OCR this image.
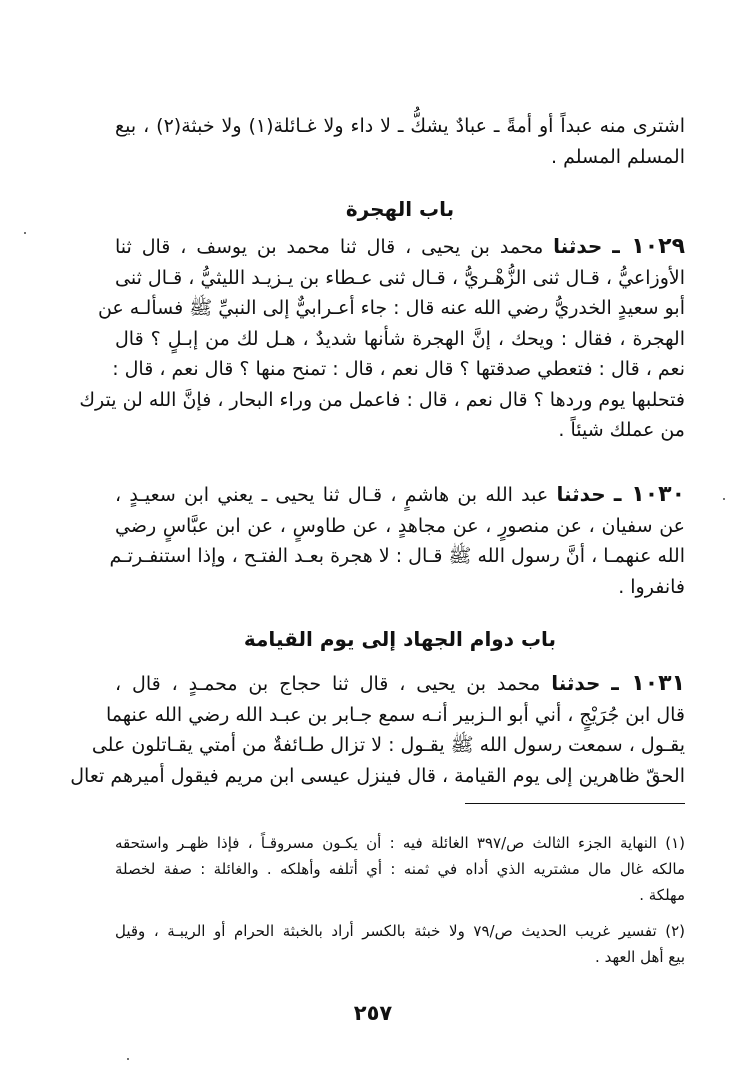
اشترى منه عبداً أو أمةً ـ عبادٌ يشكُّ ـ لا داء ولا غـائلة(١) ولا خبثة(٢) ، بيع
المسلم المسلم .
باب الهجرة
١٠٢٩ ـ حدثنا محمد بن يحيى ، قال ثنا محمد بن يوسف ، قال ثنا
الأوزاعيُّ ، قـال ثنى الزُّهْـريُّ ، قـال ثنى عـطاء بن يـزيـد الليثيُّ ، قـال ثنى
أبو سعيدٍ الخدريُّ رضي الله عنه قال : جاء أعـرابيٌّ إلى النبيِّ ﷺ فسألـه عن
الهجرة ، فقال : ويحك ، إنَّ الهجرة شأنها شديدٌ ، هـل لك من إبـلٍ ؟ قال
نعم ، قال : فتعطي صدقتها ؟ قال نعم ، قال : تمنح منها ؟ قال نعم ، قال :
فتحلبها يوم وردها ؟ قال نعم ، قال : فاعمل من وراء البحار ، فإنَّ الله لن يترك
من عملك شيئاً .
١٠٣٠ ـ حدثنا عبد الله بن هاشمٍ ، قـال ثنا يحيى ـ يعني ابن سعيـدٍ ،
عن سفيان ، عن منصورٍ ، عن مجاهدٍ ، عن طاوسٍ ، عن ابن عبَّاسٍ رضي
الله عنهمـا ، أنَّ رسول الله ﷺ قـال : لا هجرة بعـد الفتـح ، وإذا استنفـرتـم
فانفروا .
باب دوام الجهاد إلى يوم القيامة
١٠٣١ ـ حدثنا محمد بن يحيى ، قال ثنا حجاج بن محمـدٍ ، قال ،
قال ابن جُرَيْجٍ ، أني أبو الـزبير أنـه سمع جـابر بن عبـد الله رضي الله عنهما
يقـول ، سمعت رسول الله ﷺ يقـول : لا تزال طـائفةٌ من أمتي يقـاتلون على
الحقّ ظاهرين إلى يوم القيامة ، قال فينزل عيسى ابن مريم فيقول أميرهم تعال
(١) النهاية الجزء الثالث ص/٣٩٧ الغائلة فيه : أن يكـون مسروقـاً ، فإذا ظهـر واستحقه
مالكه غال مال مشتريه الذي أداه في ثمنه : أي أتلفه وأهلكه . والغائلة : صفة لخصلة
مهلكة .
(٢) تفسير غريب الحديث ص/٧٩ ولا خبثة بالكسر أراد بالخبثة الحرام أو الريبـة ، وقيل
بيع أهل العهد .
٢٥٧
